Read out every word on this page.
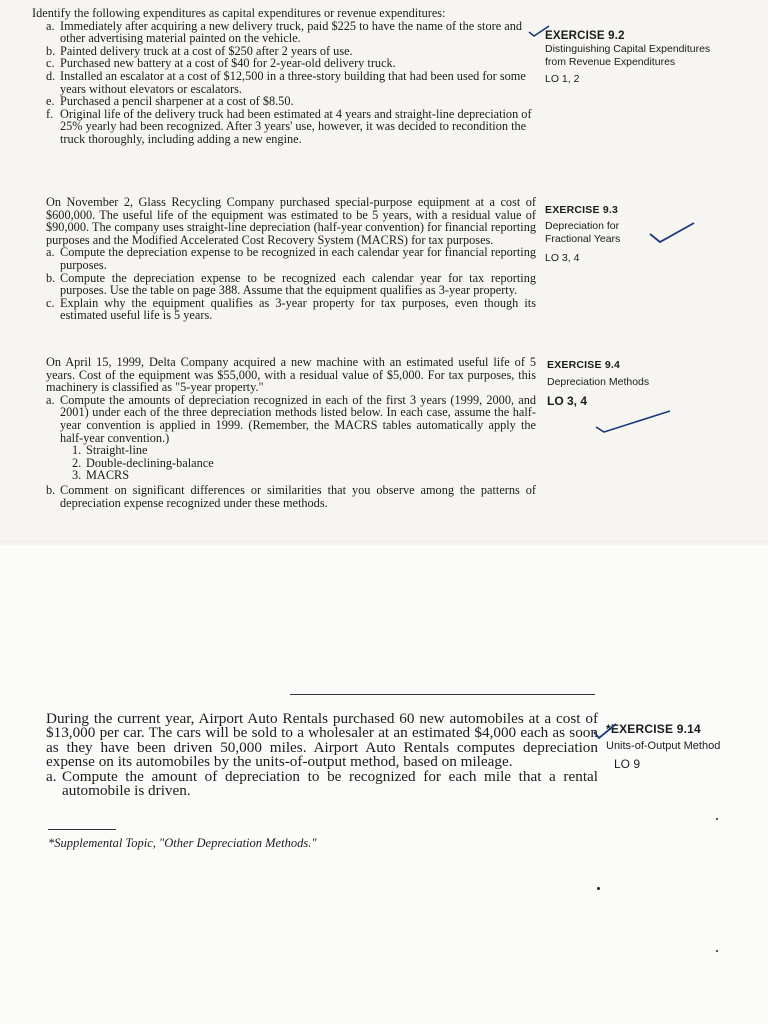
Identify the following expenditures as capital expenditures or revenue expenditures:
a. Immediately after acquiring a new delivery truck, paid $225 to have the name of the store and other advertising material painted on the vehicle.
b. Painted delivery truck at a cost of $250 after 2 years of use.
c. Purchased new battery at a cost of $40 for 2-year-old delivery truck.
d. Installed an escalator at a cost of $12,500 in a three-story building that had been used for some years without elevators or escalators.
e. Purchased a pencil sharpener at a cost of $8.50.
f. Original life of the delivery truck had been estimated at 4 years and straight-line depreciation of 25% yearly had been recognized. After 3 years' use, however, it was decided to recondition the truck thoroughly, including adding a new engine.
EXERCISE 9.2
Distinguishing Capital Expenditures
from Revenue Expenditures
LO 1, 2
On November 2, Glass Recycling Company purchased special-purpose equipment at a cost of $600,000. The useful life of the equipment was estimated to be 5 years, with a residual value of $90,000. The company uses straight-line depreciation (half-year convention) for financial reporting purposes and the Modified Accelerated Cost Recovery System (MACRS) for tax purposes.
a. Compute the depreciation expense to be recognized in each calendar year for financial reporting purposes.
b. Compute the depreciation expense to be recognized each calendar year for tax reporting purposes. Use the table on page 388. Assume that the equipment qualifies as 3-year property.
c. Explain why the equipment qualifies as 3-year property for tax purposes, even though its estimated useful life is 5 years.
EXERCISE 9.3
Depreciation for
Fractional Years
LO 3, 4
On April 15, 1999, Delta Company acquired a new machine with an estimated useful life of 5 years. Cost of the equipment was $55,000, with a residual value of $5,000. For tax purposes, this machinery is classified as "5-year property."
a. Compute the amounts of depreciation recognized in each of the first 3 years (1999, 2000, and 2001) under each of the three depreciation methods listed below. In each case, assume the half-year convention is applied in 1999. (Remember, the MACRS tables automatically apply the half-year convention.)
1. Straight-line
2. Double-declining-balance
3. MACRS
b. Comment on significant differences or similarities that you observe among the patterns of depreciation expense recognized under these methods.
EXERCISE 9.4
Depreciation Methods
LO 3, 4
During the current year, Airport Auto Rentals purchased 60 new automobiles at a cost of $13,000 per car. The cars will be sold to a wholesaler at an estimated $4,000 each as soon as they have been driven 50,000 miles. Airport Auto Rentals computes depreciation expense on its automobiles by the units-of-output method, based on mileage.
a. Compute the amount of depreciation to be recognized for each mile that a rental automobile is driven.
*EXERCISE 9.14
Units-of-Output Method
LO 9
*Supplemental Topic, "Other Depreciation Methods."
